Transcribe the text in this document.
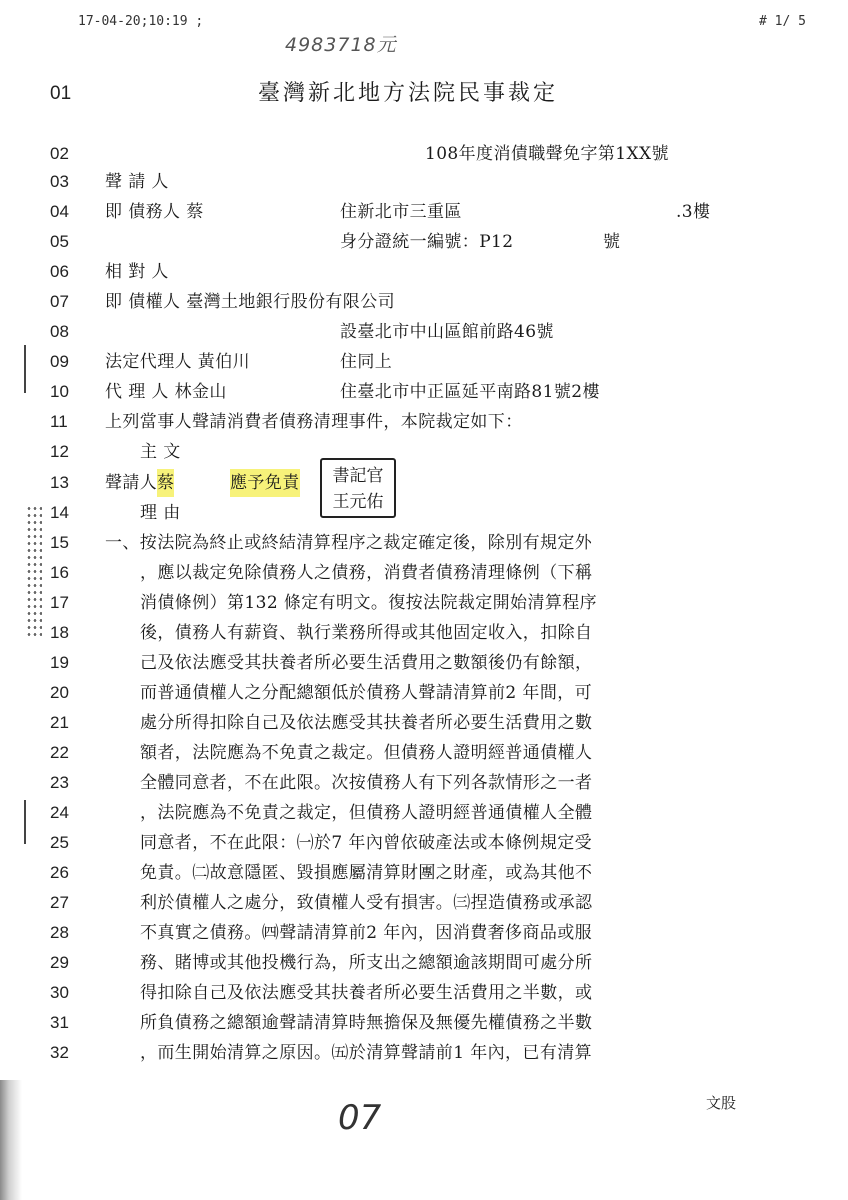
17-04-20;10:19 ;	# 1/ 5
4983718元
01	臺灣新北地方法院民事裁定
02	108年度消債職聲免字第1XX號
03	聲 請 人
04	即 債務人 蔡	住新北市三重區	.3樓
05	身分證統一編號：P12	號
06	相 對 人
07	即 債權人 臺灣土地銀行股份有限公司
08	設臺北市中山區館前路46號
09	法定代理人 黃伯川	住同上
10	代 理 人 林金山	住臺北市中正區延平南路81號2樓
11	上列當事人聲請消費者債務清理事件，本院裁定如下：
12	主 文
13	聲請人 蔡	應予免責
14	理 由
15	一、按法院為終止或終結清算程序之裁定確定後，除別有規定外
16	，應以裁定免除債務人之債務，消費者債務清理條例（下稱
17	消債條例）第132 條定有明文。復按法院裁定開始清算程序
18	後，債務人有薪資、執行業務所得或其他固定收入，扣除自
19	己及依法應受其扶養者所必要生活費用之數額後仍有餘額，
20	而普通債權人之分配總額低於債務人聲請清算前2 年間，可
21	處分所得扣除自己及依法應受其扶養者所必要生活費用之數
22	額者，法院應為不免責之裁定。但債務人證明經普通債權人
23	全體同意者，不在此限。次按債務人有下列各款情形之一者
24	，法院應為不免責之裁定，但債務人證明經普通債權人全體
25	同意者，不在此限：㈠於7 年內曾依破產法或本條例規定受
26	免責。㈡故意隱匿、毀損應屬清算財團之財產，或為其他不
27	利於債權人之處分，致債權人受有損害。㈢捏造債務或承認
28	不真實之債務。㈣聲請清算前2 年內，因消費奢侈商品或服
29	務、賭博或其他投機行為，所支出之總額逾該期間可處分所
30	得扣除自己及依法應受其扶養者所必要生活費用之半數，或
31	所負債務之總額逾聲請清算時無擔保及無優先權債務之半數
32	，而生開始清算之原因。㈤於清算聲請前1 年內，已有清算
書記官
王元佑
07	文股
